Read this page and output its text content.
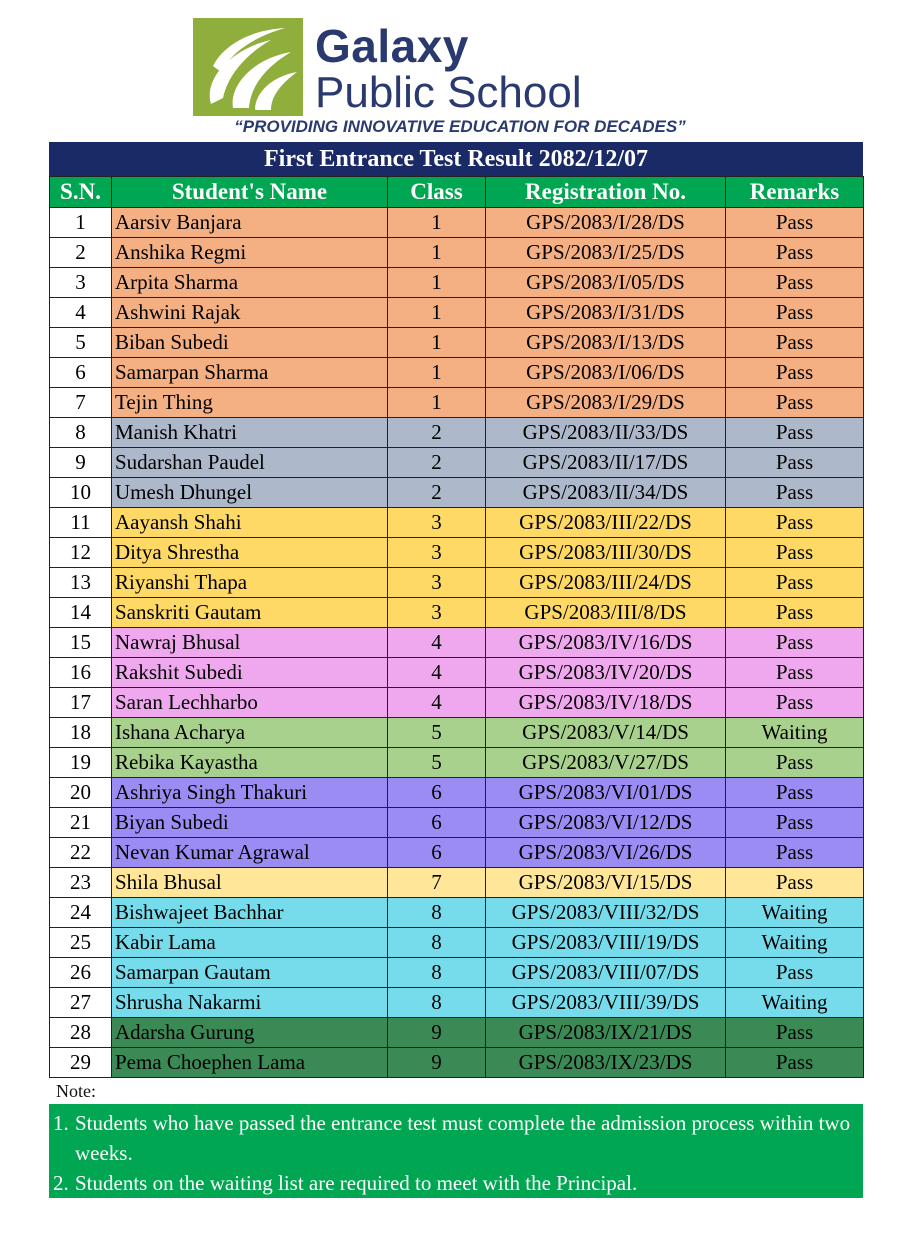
Galaxy
Public School
“PROVIDING INNOVATIVE EDUCATION FOR DECADES”
First Entrance Test Result 2082/12/07
S.N.	Student's Name	Class	Registration No.	Remarks
1	Aarsiv Banjara	1	GPS/2083/I/28/DS	Pass
2	Anshika Regmi	1	GPS/2083/I/25/DS	Pass
3	Arpita Sharma	1	GPS/2083/I/05/DS	Pass
4	Ashwini Rajak	1	GPS/2083/I/31/DS	Pass
5	Biban Subedi	1	GPS/2083/I/13/DS	Pass
6	Samarpan Sharma	1	GPS/2083/I/06/DS	Pass
7	Tejin Thing	1	GPS/2083/I/29/DS	Pass
8	Manish Khatri	2	GPS/2083/II/33/DS	Pass
9	Sudarshan Paudel	2	GPS/2083/II/17/DS	Pass
10	Umesh Dhungel	2	GPS/2083/II/34/DS	Pass
11	Aayansh Shahi	3	GPS/2083/III/22/DS	Pass
12	Ditya Shrestha	3	GPS/2083/III/30/DS	Pass
13	Riyanshi Thapa	3	GPS/2083/III/24/DS	Pass
14	Sanskriti Gautam	3	GPS/2083/III/8/DS	Pass
15	Nawraj Bhusal	4	GPS/2083/IV/16/DS	Pass
16	Rakshit Subedi	4	GPS/2083/IV/20/DS	Pass
17	Saran Lechharbo	4	GPS/2083/IV/18/DS	Pass
18	Ishana Acharya	5	GPS/2083/V/14/DS	Waiting
19	Rebika Kayastha	5	GPS/2083/V/27/DS	Pass
20	Ashriya Singh Thakuri	6	GPS/2083/VI/01/DS	Pass
21	Biyan Subedi	6	GPS/2083/VI/12/DS	Pass
22	Nevan Kumar Agrawal	6	GPS/2083/VI/26/DS	Pass
23	Shila Bhusal	7	GPS/2083/VI/15/DS	Pass
24	Bishwajeet Bachhar	8	GPS/2083/VIII/32/DS	Waiting
25	Kabir Lama	8	GPS/2083/VIII/19/DS	Waiting
26	Samarpan Gautam	8	GPS/2083/VIII/07/DS	Pass
27	Shrusha Nakarmi	8	GPS/2083/VIII/39/DS	Waiting
28	Adarsha Gurung	9	GPS/2083/IX/21/DS	Pass
29	Pema Choephen Lama	9	GPS/2083/IX/23/DS	Pass
Note:
1. Students who have passed the entrance test must complete the admission process within two weeks.
2. Students on the waiting list are required to meet with the Principal.
